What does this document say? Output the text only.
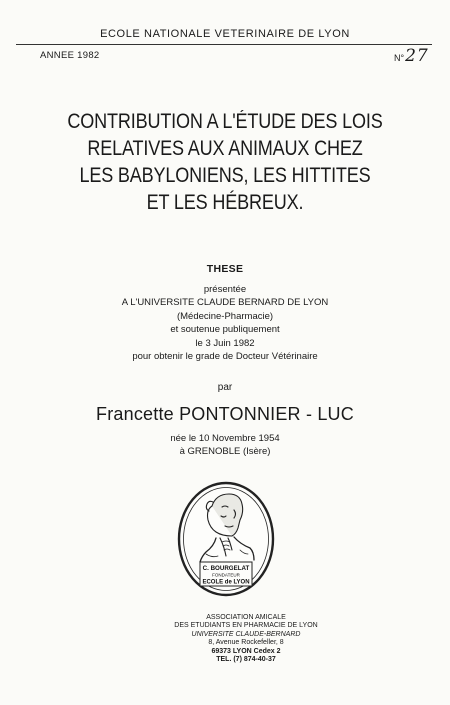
ECOLE NATIONALE VETERINAIRE DE LYON
ANNEE 1982	N°27
CONTRIBUTION A L'ÉTUDE DES LOIS
RELATIVES AUX ANIMAUX CHEZ
LES BABYLONIENS, LES HITTITES
ET LES HÉBREUX.
THESE
présentée
A L'UNIVERSITE CLAUDE BERNARD DE LYON
(Médecine-Pharmacie)
et soutenue publiquement
le 3 Juin 1982
pour obtenir le grade de Docteur Vétérinaire
par
Francette PONTONNIER - LUC
née le 10 Novembre 1954
à GRENOBLE (Isère)
C. BOURGELAT
FONDATEUR
ECOLE de LYON
ASSOCIATION AMICALE
DES ETUDIANTS EN PHARMACIE DE LYON
UNIVERSITE CLAUDE-BERNARD
8, Avenue Rockefeller, 8
69373 LYON Cedex 2
TEL. (7) 874-40-37
